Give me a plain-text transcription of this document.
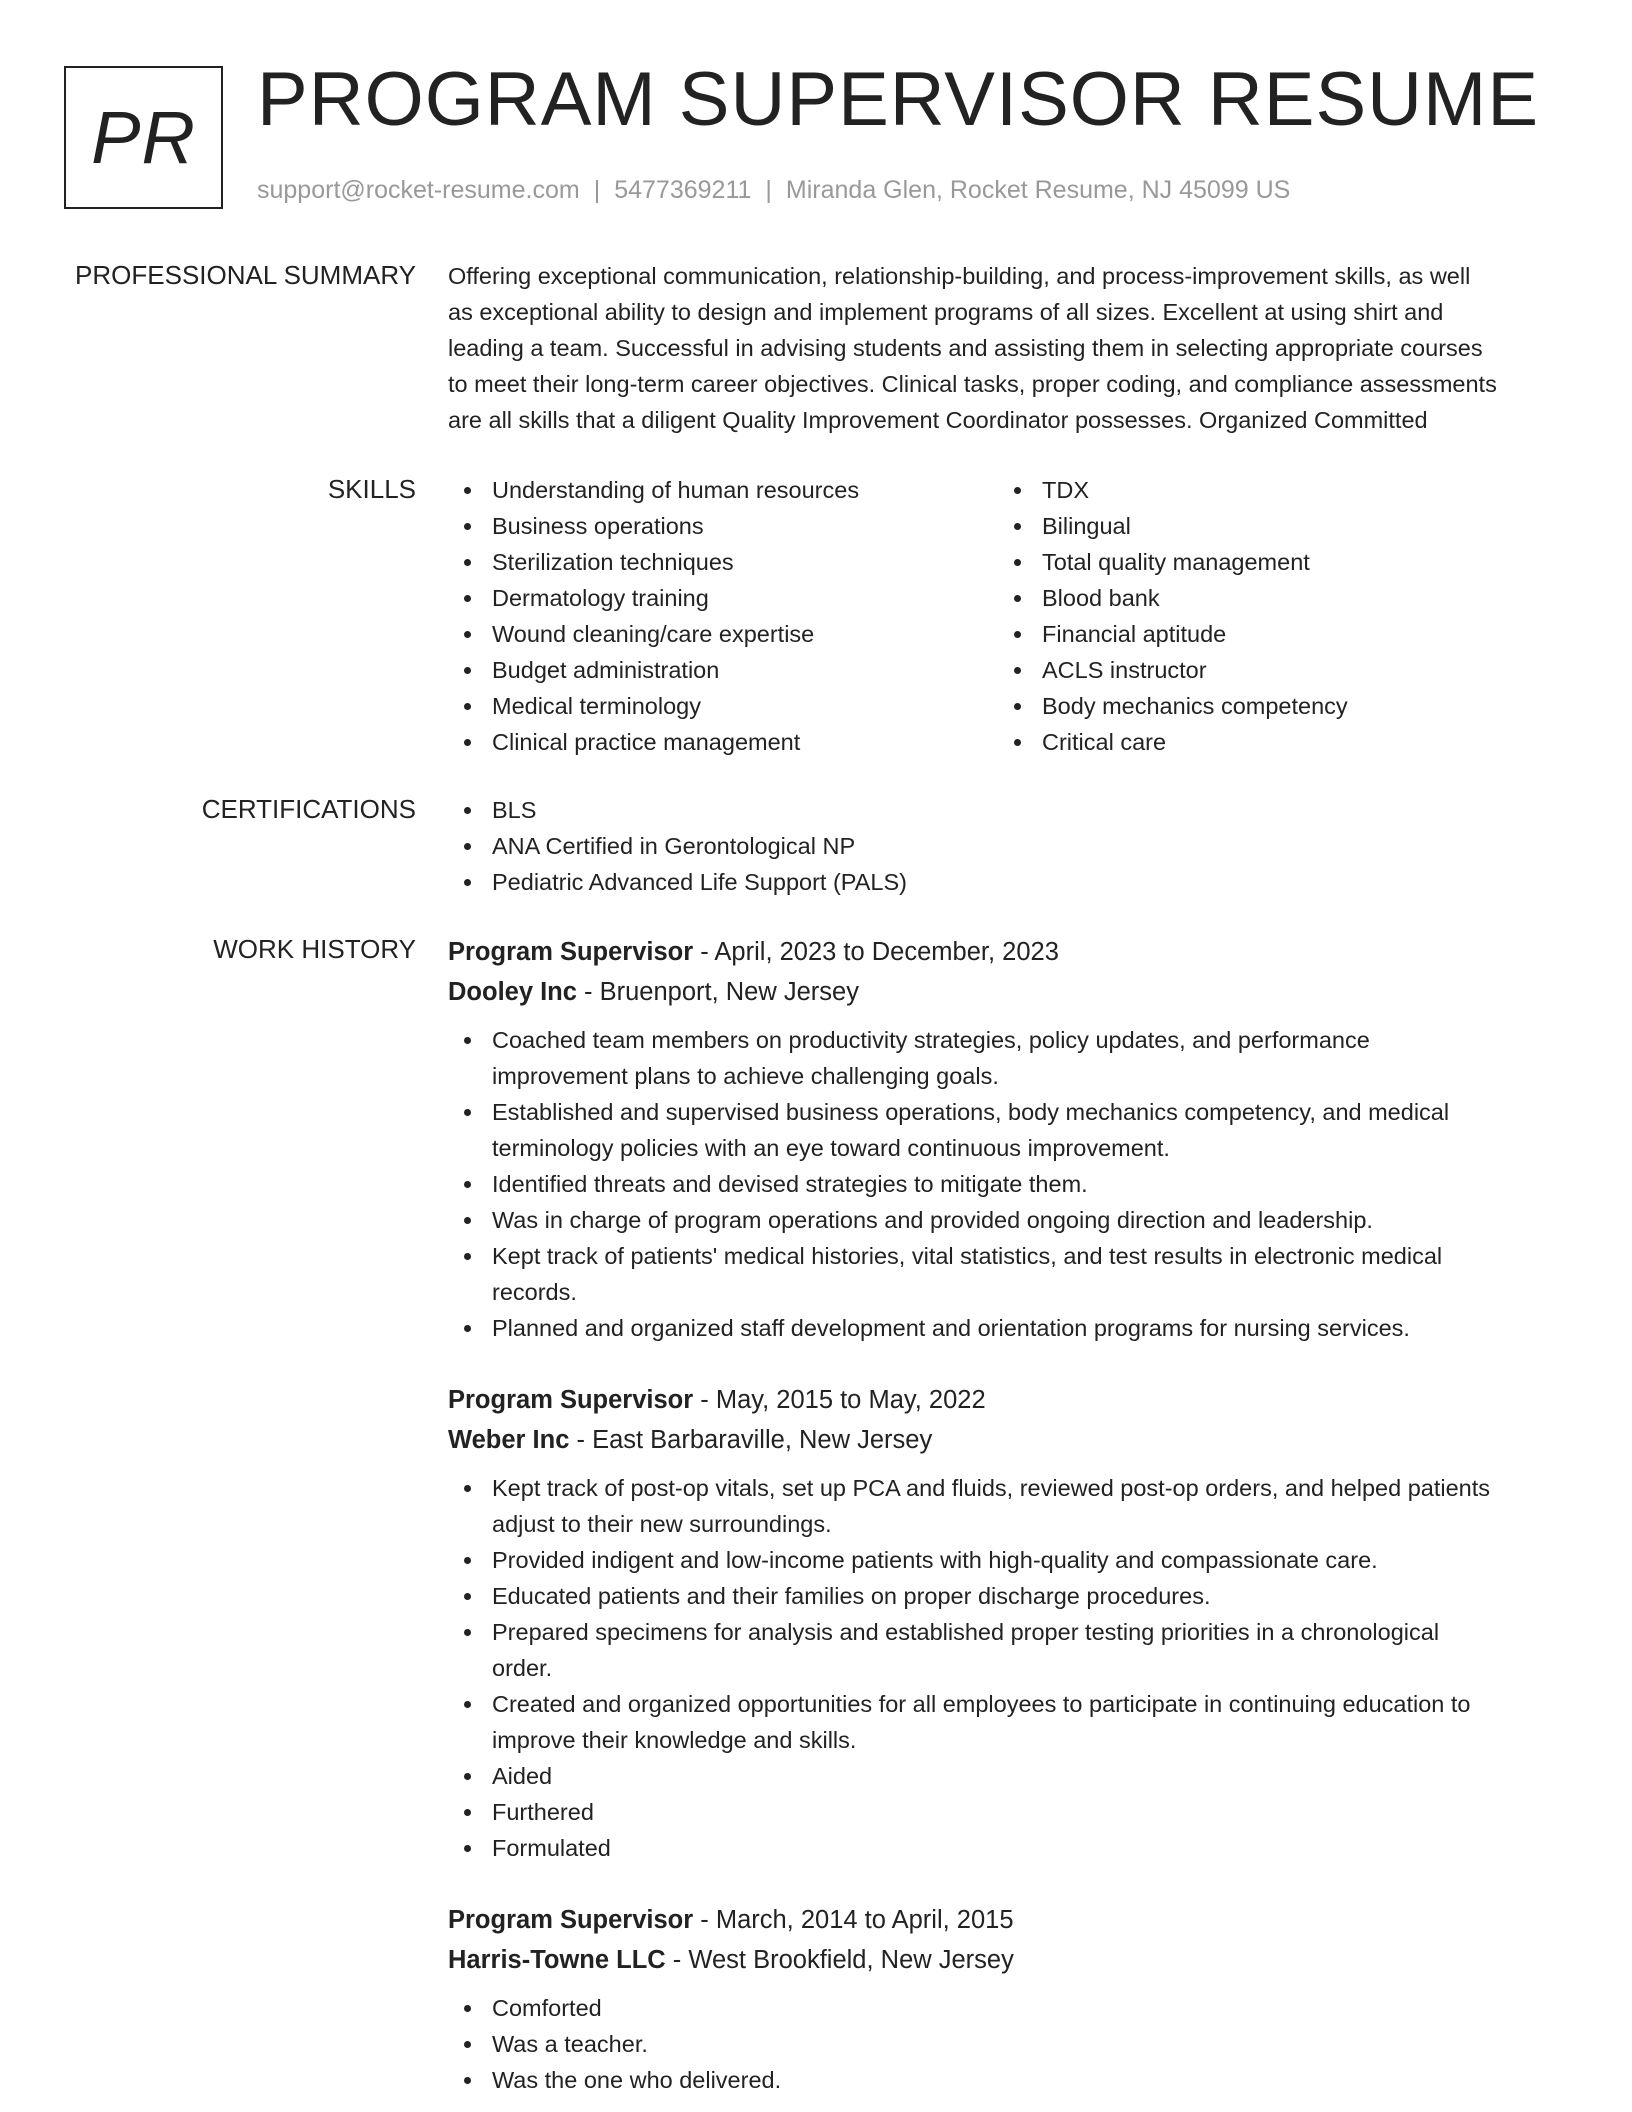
PR PROGRAM SUPERVISOR RESUME
support@rocket-resume.com | 5477369211 | Miranda Glen, Rocket Resume, NJ 45099 US
PROFESSIONAL SUMMARY Offering exceptional communication, relationship-building, and process-improvement skills, as well
as exceptional ability to design and implement programs of all sizes. Excellent at using shirt and
leading a team. Successful in advising students and assisting them in selecting appropriate courses
to meet their long-term career objectives. Clinical tasks, proper coding, and compliance assessments
are all skills that a diligent Quality Improvement Coordinator possesses. Organized Committed
SKILLS	Understanding of human resources
Business operations
Sterilization techniques
Dermatology training
Wound cleaning/care expertise
Budget administration
Medical terminology
Clinical practice management
TDX
Bilingual
Total quality management
Blood bank
Financial aptitude
ACLS instructor
Body mechanics competency
Critical care
CERTIFICATIONS	BLS
ANA Certified in Gerontological NP
Pediatric Advanced Life Support (PALS)
WORK HISTORY Program Supervisor - April, 2023 to December, 2023
Dooley Inc - Bruenport, New Jersey
Coached team members on productivity strategies, policy updates, and performance
improvement plans to achieve challenging goals.
Established and supervised business operations, body mechanics competency, and medical
terminology policies with an eye toward continuous improvement.
Identified threats and devised strategies to mitigate them.
Was in charge of program operations and provided ongoing direction and leadership.
Kept track of patients' medical histories, vital statistics, and test results in electronic medical
records.
Planned and organized staff development and orientation programs for nursing services.
Program Supervisor - May, 2015 to May, 2022
Weber Inc - East Barbaraville, New Jersey
Kept track of post-op vitals, set up PCA and fluids, reviewed post-op orders, and helped patients
adjust to their new surroundings.
Provided indigent and low-income patients with high-quality and compassionate care.
Educated patients and their families on proper discharge procedures.
Prepared specimens for analysis and established proper testing priorities in a chronological
order.
Created and organized opportunities for all employees to participate in continuing education to
improve their knowledge and skills.
Aided
Furthered
Formulated
Program Supervisor - March, 2014 to April, 2015
Harris-Towne LLC - West Brookfield, New Jersey
Comforted
Was a teacher.
Was the one who delivered.
